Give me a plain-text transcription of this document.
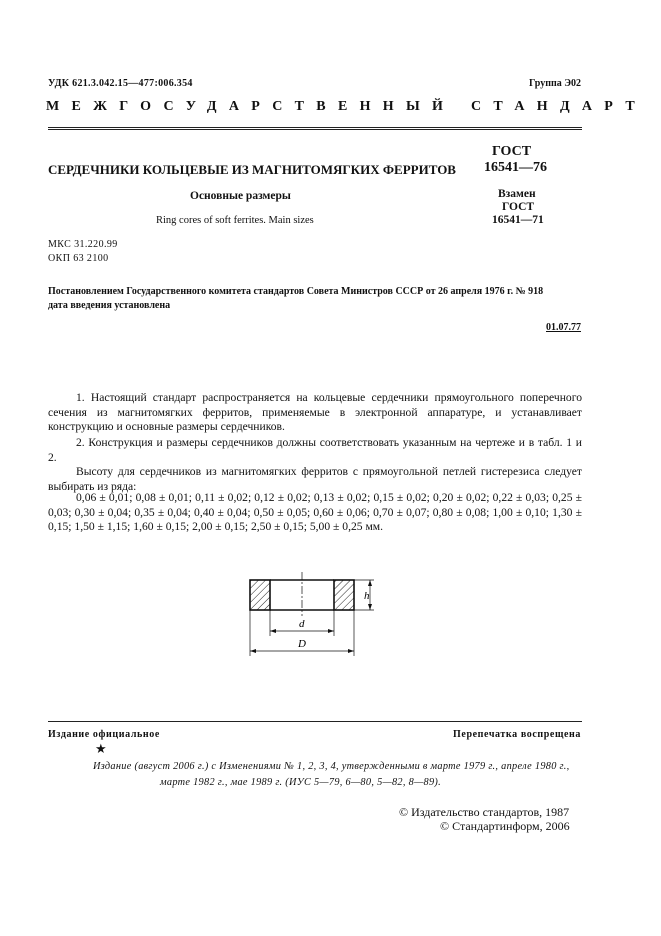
УДК 621.3.042.15—477:006.354	Группа Э02
МЕЖГОСУДАРСТВЕННЫЙ СТАНДАРТ
СЕРДЕЧНИКИ КОЛЬЦЕВЫЕ ИЗ МАГНИТОМЯГКИХ ФЕРРИТОВ
Основные размеры
Ring cores of soft ferrites. Main sizes
ГОСТ
16541—76
Взамен
ГОСТ
16541—71
МКС 31.220.99
ОКП 63 2100
Постановлением Государственного комитета стандартов Совета Министров СССР от 26 апреля 1976 г. № 918
дата введения установлена
01.07.77
1. Настоящий стандарт распространяется на кольцевые сердечники прямоугольного поперечного сечения из магнитомягких ферритов, применяемые в электронной аппаратуре, и устанавливает конструкцию и основные размеры сердечников.
2. Конструкция и размеры сердечников должны соответствовать указанным на чертеже и в табл. 1 и 2.
Высоту для сердечников из магнитомягких ферритов с прямоугольной петлей гистерезиса следует выбирать из ряда:
0,06 ± 0,01; 0,08 ± 0,01; 0,11 ± 0,02; 0,12 ± 0,02; 0,13 ± 0,02; 0,15 ± 0,02; 0,20 ± 0,02; 0,22 ± 0,03; 0,25 ± 0,03; 0,30 ± 0,04; 0,35 ± 0,04; 0,40 ± 0,04; 0,50 ± 0,05; 0,60 ± 0,06; 0,70 ± 0,07; 0,80 ± 0,08; 1,00 ± 0,10; 1,30 ± 0,15; 1,50 ± 1,15; 1,60 ± 0,15; 2,00 ± 0,15; 2,50 ± 0,15; 5,00 ± 0,25 мм.
h
d
D
Издание официальное	Перепечатка воспрещена
★
Издание (август 2006 г.) с Изменениями № 1, 2, 3, 4, утвержденными в марте 1979 г., апреле 1980 г.,
марте 1982 г., мае 1989 г. (ИУС 5—79, 6—80, 5—82, 8—89).
© Издательство стандартов, 1987
© Стандартинформ, 2006
